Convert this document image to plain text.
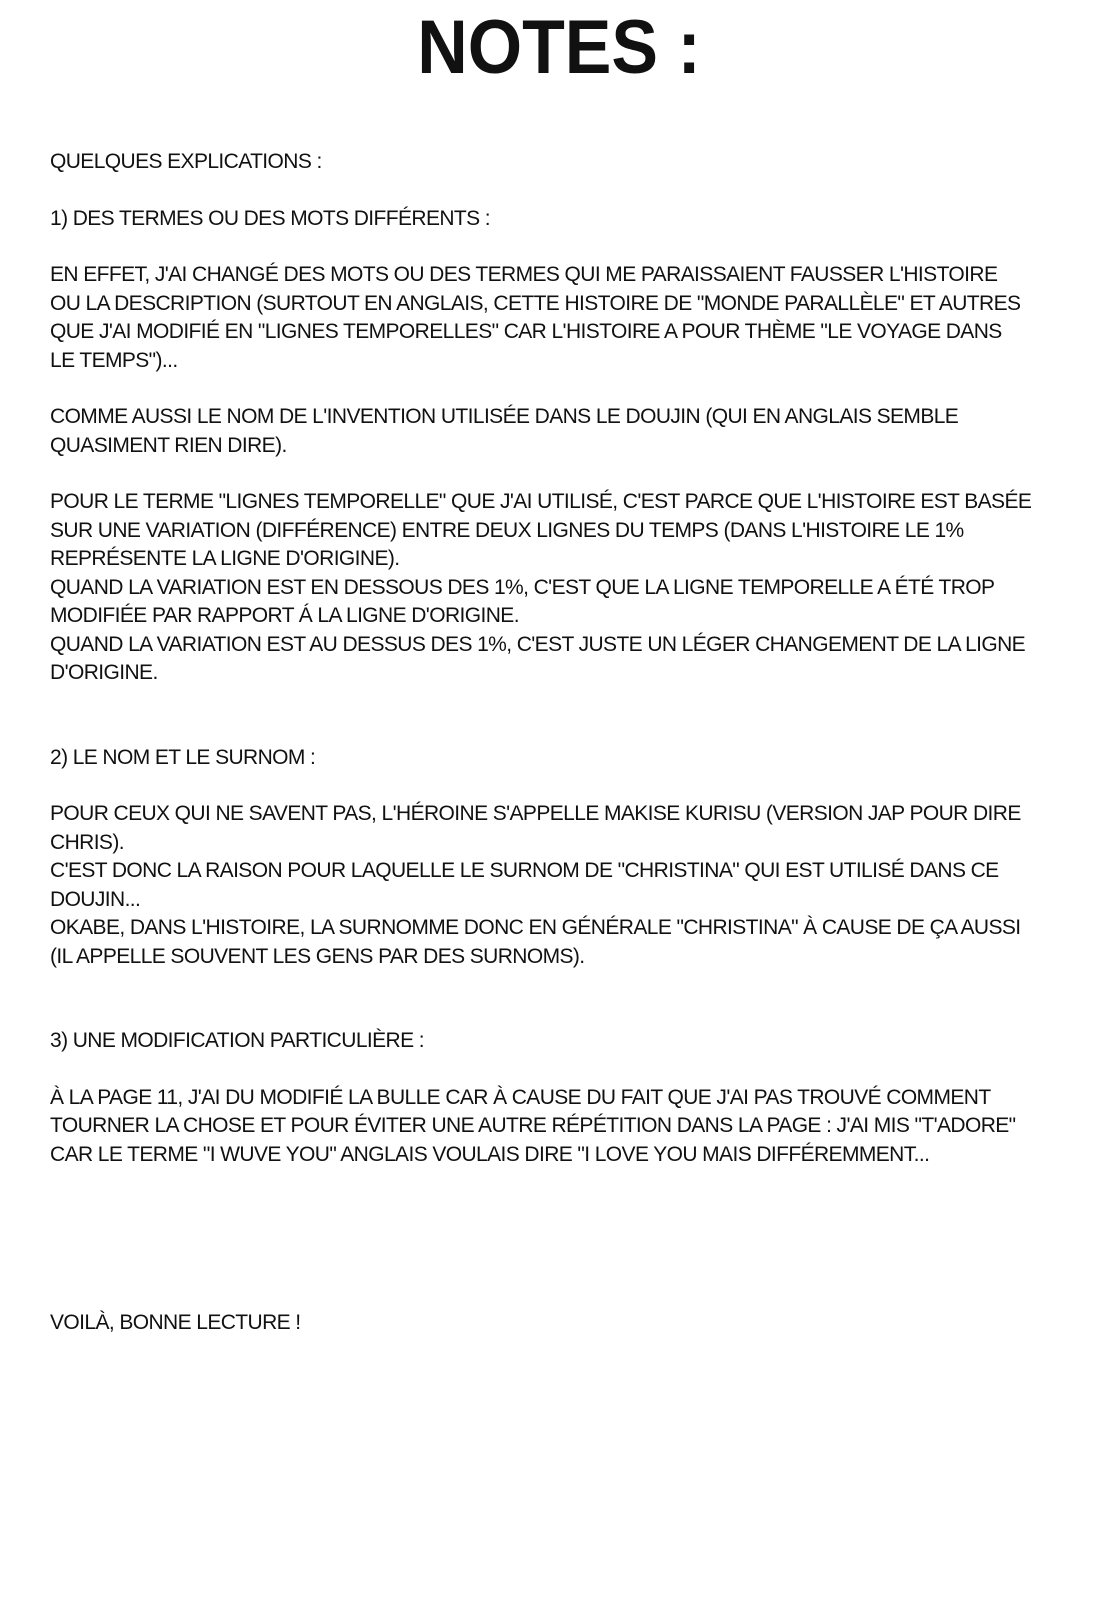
NOTES :

QUELQUES EXPLICATIONS :

1) DES TERMES OU DES MOTS DIFFÉRENTS :

EN EFFET, J'AI CHANGÉ DES MOTS OU DES TERMES QUI ME PARAISSAIENT FAUSSER L'HISTOIRE
OU LA DESCRIPTION (SURTOUT EN ANGLAIS, CETTE HISTOIRE DE "MONDE PARALLÈLE" ET AUTRES
QUE J'AI MODIFIÉ EN "LIGNES TEMPORELLES" CAR L'HISTOIRE A POUR THÈME "LE VOYAGE DANS
LE TEMPS")...

COMME AUSSI LE NOM DE L'INVENTION UTILISÉE DANS LE DOUJIN (QUI EN ANGLAIS SEMBLE
QUASIMENT RIEN DIRE).

POUR LE TERME "LIGNES TEMPORELLE" QUE J'AI UTILISÉ, C'EST PARCE QUE L'HISTOIRE EST BASÉE
SUR UNE VARIATION (DIFFÉRENCE) ENTRE DEUX LIGNES DU TEMPS (DANS L'HISTOIRE LE 1%
REPRÉSENTE LA LIGNE D'ORIGINE).
QUAND LA VARIATION EST EN DESSOUS DES 1%, C'EST QUE LA LIGNE TEMPORELLE A ÉTÉ TROP
MODIFIÉE PAR RAPPORT Á LA LIGNE D'ORIGINE.
QUAND LA VARIATION EST AU DESSUS DES 1%, C'EST JUSTE UN LÉGER CHANGEMENT DE LA LIGNE
D'ORIGINE.

2) LE NOM ET LE SURNOM :

POUR CEUX QUI NE SAVENT PAS, L'HÉROINE S'APPELLE MAKISE KURISU (VERSION JAP POUR DIRE
CHRIS).
C'EST DONC LA RAISON POUR LAQUELLE LE SURNOM DE "CHRISTINA" QUI EST UTILISÉ DANS CE
DOUJIN...
OKABE, DANS L'HISTOIRE, LA SURNOMME DONC EN GÉNÉRALE "CHRISTINA" À CAUSE DE ÇA AUSSI
(IL APPELLE SOUVENT LES GENS PAR DES SURNOMS).

3) UNE MODIFICATION PARTICULIÈRE :

À LA PAGE 11, J'AI DU MODIFIÉ LA BULLE CAR À CAUSE DU FAIT QUE J'AI PAS TROUVÉ COMMENT
TOURNER LA CHOSE ET POUR ÉVITER UNE AUTRE RÉPÉTITION DANS LA PAGE : J'AI MIS "T'ADORE"
CAR LE TERME "I WUVE YOU" ANGLAIS VOULAIS DIRE "I LOVE YOU MAIS DIFFÉREMMENT...

VOILÀ, BONNE LECTURE !
